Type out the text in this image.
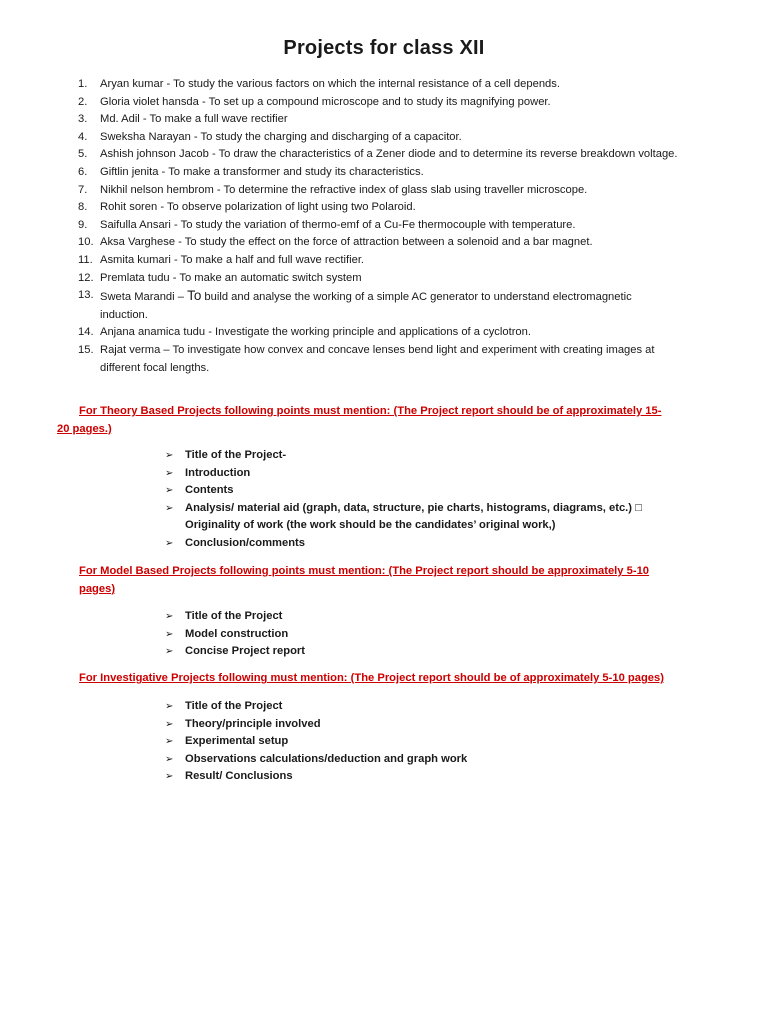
Projects for class XII
1.	Aryan kumar - To study the various factors on which the internal resistance of a cell depends.
2.	Gloria violet hansda - To set up a compound microscope and to study its magnifying power.
3.	Md. Adil - To make a full wave rectifier
4.	Sweksha Narayan - To study the charging and discharging of a capacitor.
5.	Ashish johnson Jacob - To draw the characteristics of a Zener diode and to determine its reverse breakdown voltage.
6.	Giftlin jenita - To make a transformer and study its characteristics.
7.	Nikhil nelson hembrom - To determine the refractive index of glass slab using traveller microscope.
8.	Rohit soren - To observe polarization of light using two Polaroid.
9.	Saifulla Ansari - To study the variation of thermo-emf of a Cu-Fe thermocouple with temperature.
10. Aksa Varghese - To study the effect on the force of attraction between a solenoid and a bar magnet.
11. Asmita kumari - To make a half and full wave rectifier.
12. Premlata tudu - To make an automatic switch system
13. Sweta Marandi – To build and analyse the working of a simple AC generator to understand electromagnetic induction.
14. Anjana anamica tudu - Investigate the working principle and applications of a cyclotron.
15. Rajat verma – To investigate how convex and concave lenses bend light and experiment with creating images at different focal lengths.
For Theory Based Projects following points must mention: (The Project report should be of approximately 15-
20 pages.)
➢ Title of the Project-
➢ Introduction
➢ Contents
➢ Analysis/ material aid (graph, data, structure, pie charts, histograms, diagrams, etc.) □ Originality of work (the work should be the candidates’ original work,)
➢ Conclusion/comments
For Model Based Projects following points must mention: (The Project report should be approximately 5-10
pages)
➢ Title of the Project
➢ Model construction
➢ Concise Project report
For Investigative Projects following must mention: (The Project report should be of approximately 5-10 pages)
➢ Title of the Project
➢ Theory/principle involved
➢ Experimental setup
➢ Observations calculations/deduction and graph work
➢ Result/ Conclusions
